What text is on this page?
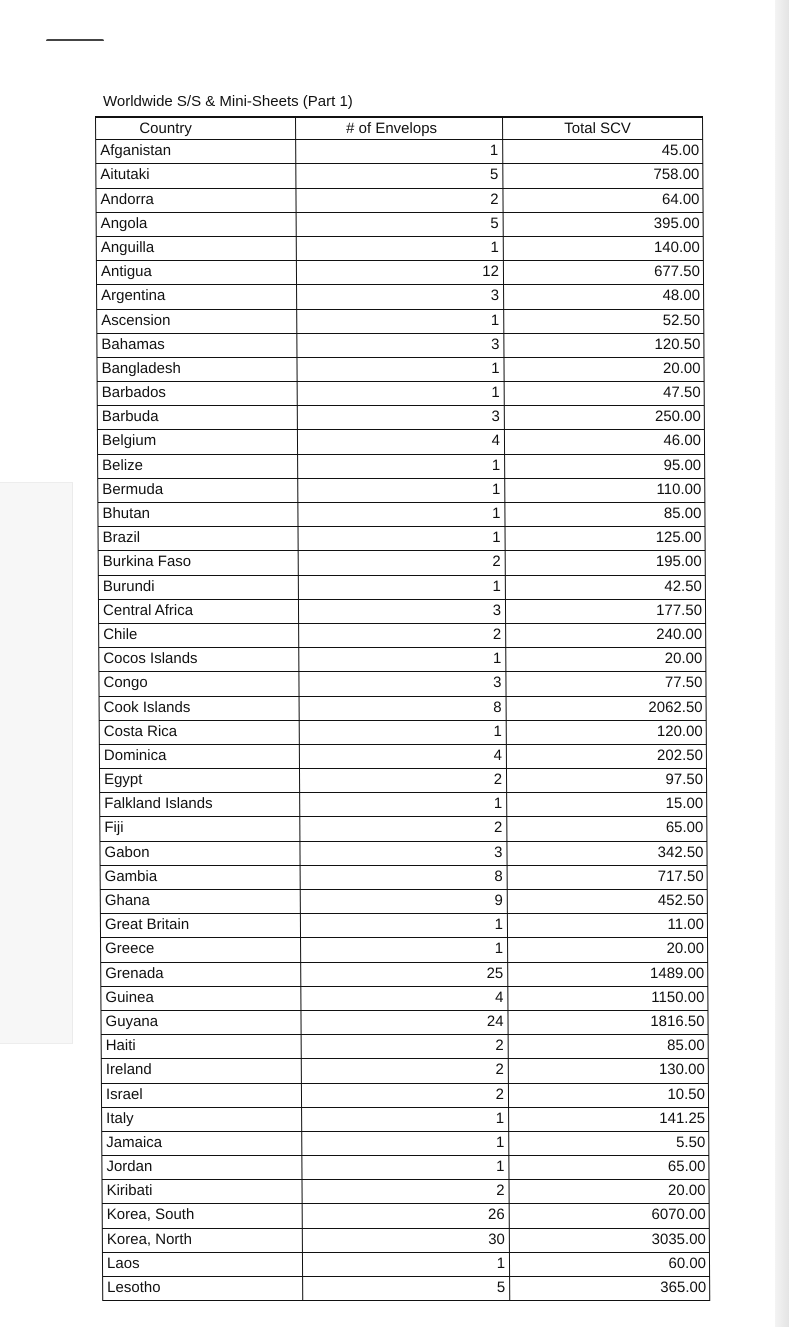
Worldwide S/S & Mini-Sheets (Part 1)
Country	# of Envelops	Total SCV
Afganistan	1	45.00
Aitutaki	5	758.00
Andorra	2	64.00
Angola	5	395.00
Anguilla	1	140.00
Antigua	12	677.50
Argentina	3	48.00
Ascension	1	52.50
Bahamas	3	120.50
Bangladesh	1	20.00
Barbados	1	47.50
Barbuda	3	250.00
Belgium	4	46.00
Belize	1	95.00
Bermuda	1	110.00
Bhutan	1	85.00
Brazil	1	125.00
Burkina Faso	2	195.00
Burundi	1	42.50
Central Africa	3	177.50
Chile	2	240.00
Cocos Islands	1	20.00
Congo	3	77.50
Cook Islands	8	2062.50
Costa Rica	1	120.00
Dominica	4	202.50
Egypt	2	97.50
Falkland Islands	1	15.00
Fiji	2	65.00
Gabon	3	342.50
Gambia	8	717.50
Ghana	9	452.50
Great Britain	1	11.00
Greece	1	20.00
Grenada	25	1489.00
Guinea	4	1150.00
Guyana	24	1816.50
Haiti	2	85.00
Ireland	2	130.00
Israel	2	10.50
Italy	1	141.25
Jamaica	1	5.50
Jordan	1	65.00
Kiribati	2	20.00
Korea, South	26	6070.00
Korea, North	30	3035.00
Laos	1	60.00
Lesotho	5	365.00
